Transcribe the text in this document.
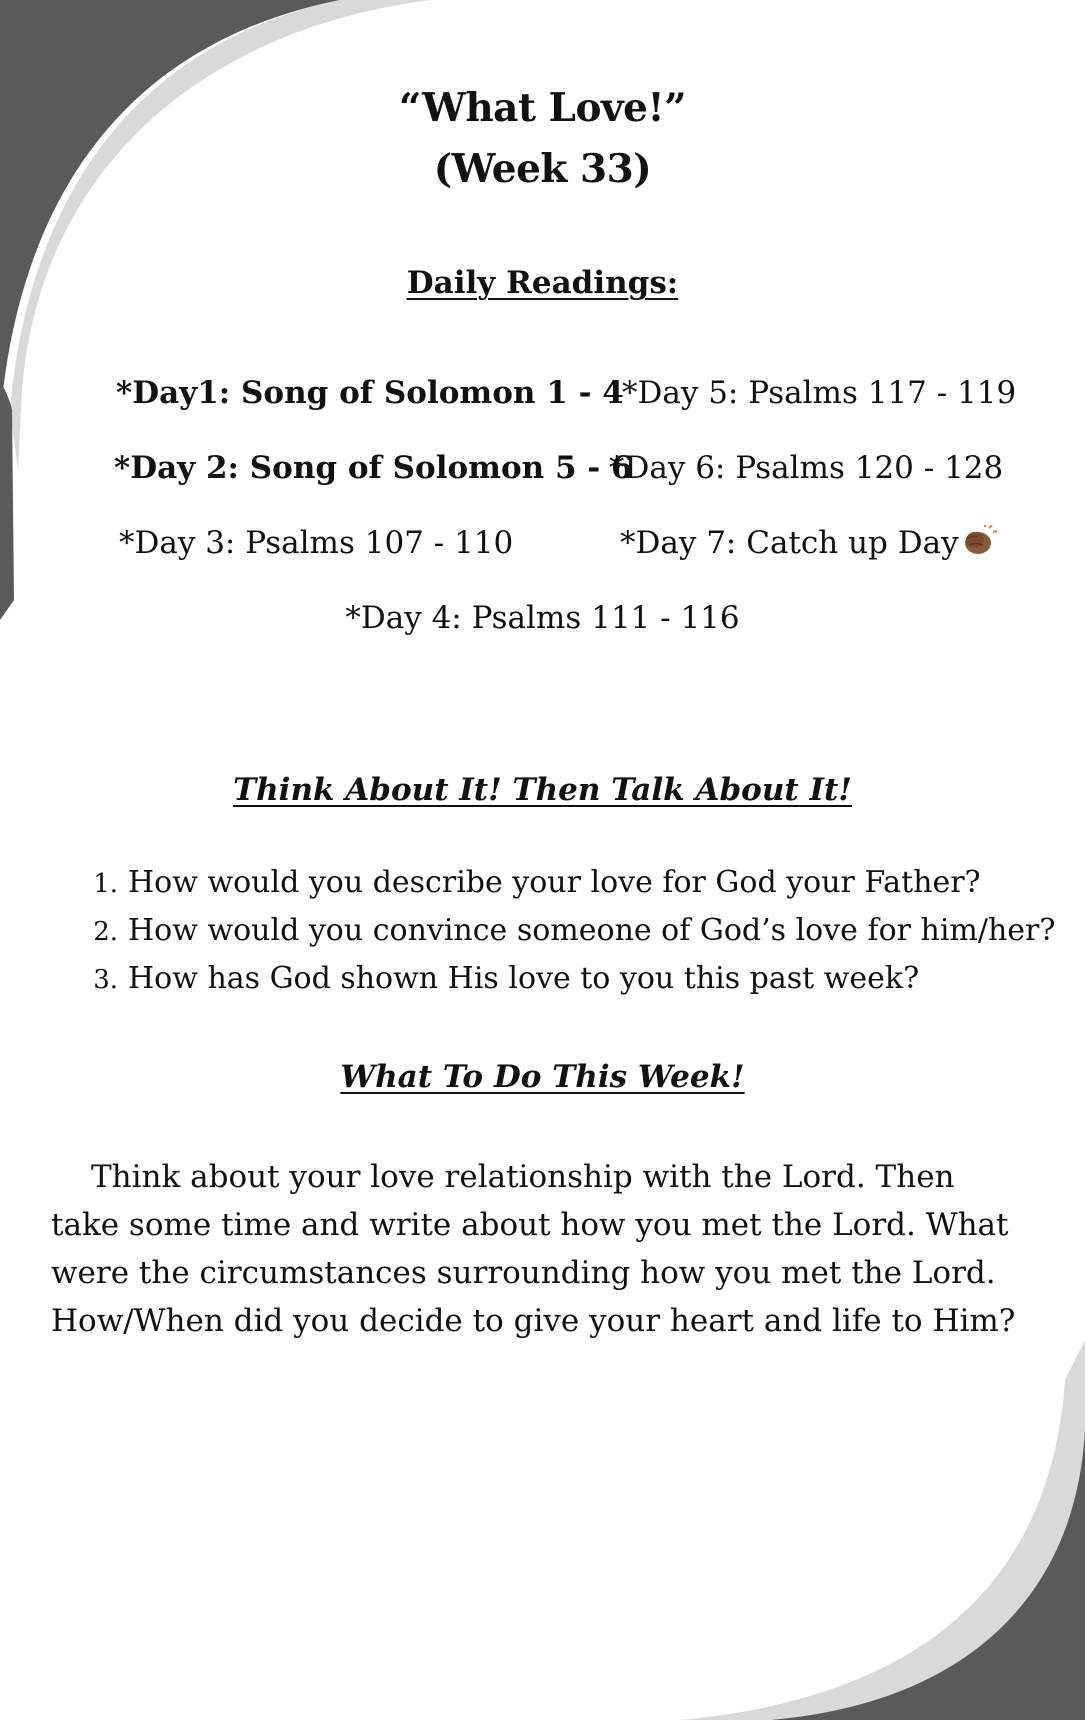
“What Love!”
(Week 33)
Daily Readings:
*Day1: Song of Solomon 1 - 4
*Day 2: Song of Solomon 5 - 6
*Day 3: Psalms 107 - 110
*Day 4: Psalms 111 - 116
*Day 5: Psalms 117 - 119
*Day 6: Psalms 120 - 128
*Day 7: Catch up Day
Think About It! Then Talk About It!
1. How would you describe your love for God your Father?
2. How would you convince someone of God’s love for him/her?
3. How has God shown His love to you this past week?
What To Do This Week!
Think about your love relationship with the Lord. Then take some time and write about how you met the Lord. What were the circumstances surrounding how you met the Lord. How/When did you decide to give your heart and life to Him?
